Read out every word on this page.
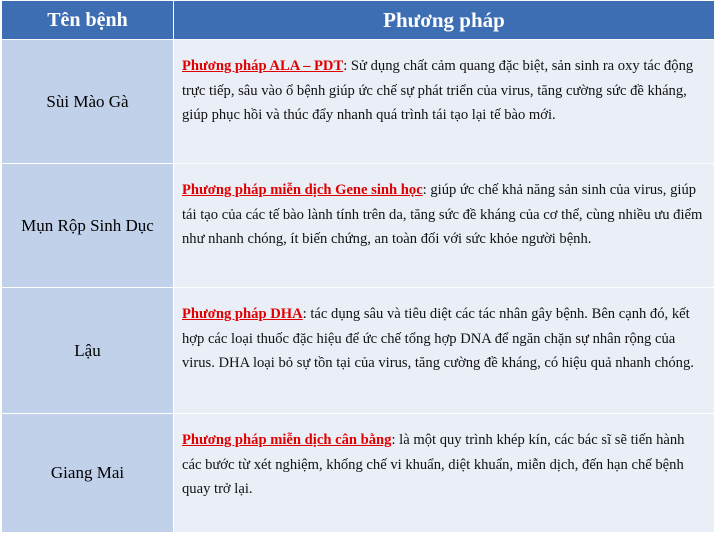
Tên bệnh	Phương pháp
Sùi Mào Gà	Phương pháp ALA – PDT: Sử dụng chất cảm quang đặc biệt, sản sinh ra oxy tác động trực tiếp, sâu vào ổ bệnh giúp ức chế sự phát triển của virus, tăng cường sức đề kháng, giúp phục hồi và thúc đẩy nhanh quá trình tái tạo lại tế bào mới.
Mụn Rộp Sinh Dục	Phương pháp miễn dịch Gene sinh học: giúp ức chế khả năng sản sinh của virus, giúp tái tạo của các tế bào lành tính trên da, tăng sức đề kháng của cơ thể, cùng nhiều ưu điểm như nhanh chóng, ít biến chứng, an toàn đối với sức khỏe người bệnh.
Lậu	Phương pháp DHA: tác dụng sâu và tiêu diệt các tác nhân gây bệnh. Bên cạnh đó, kết hợp các loại thuốc đặc hiệu để ức chế tổng hợp DNA để ngăn chặn sự nhân rộng của virus. DHA loại bỏ sự tồn tại của virus, tăng cường đề kháng, có hiệu quả nhanh chóng.
Giang Mai	Phương pháp miễn dịch cân bằng: là một quy trình khép kín, các bác sĩ sẽ tiến hành các bước từ xét nghiệm, khống chế vi khuẩn, diệt khuẩn, miễn dịch, đến hạn chế bệnh quay trở lại.
